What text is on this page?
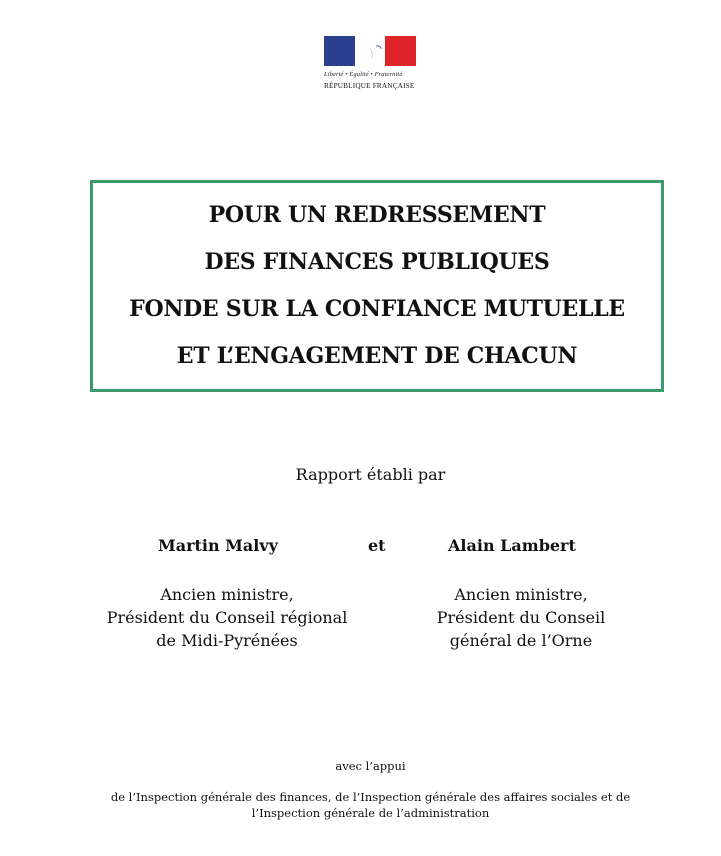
Liberté • Égalité • Fraternité
RÉPUBLIQUE FRANÇAISE
POUR UN REDRESSEMENT
DES FINANCES PUBLIQUES
FONDE SUR LA CONFIANCE MUTUELLE
ET L’ENGAGEMENT DE CHACUN
Rapport établi par
Martin Malvy	et	Alain Lambert
Ancien ministre,
Président du Conseil régional
de Midi-Pyrénées
Ancien ministre,
Président du Conseil
général de l’Orne
avec l’appui
de l’Inspection générale des finances, de l’Inspection générale des affaires sociales et de
l’Inspection générale de l’administration
